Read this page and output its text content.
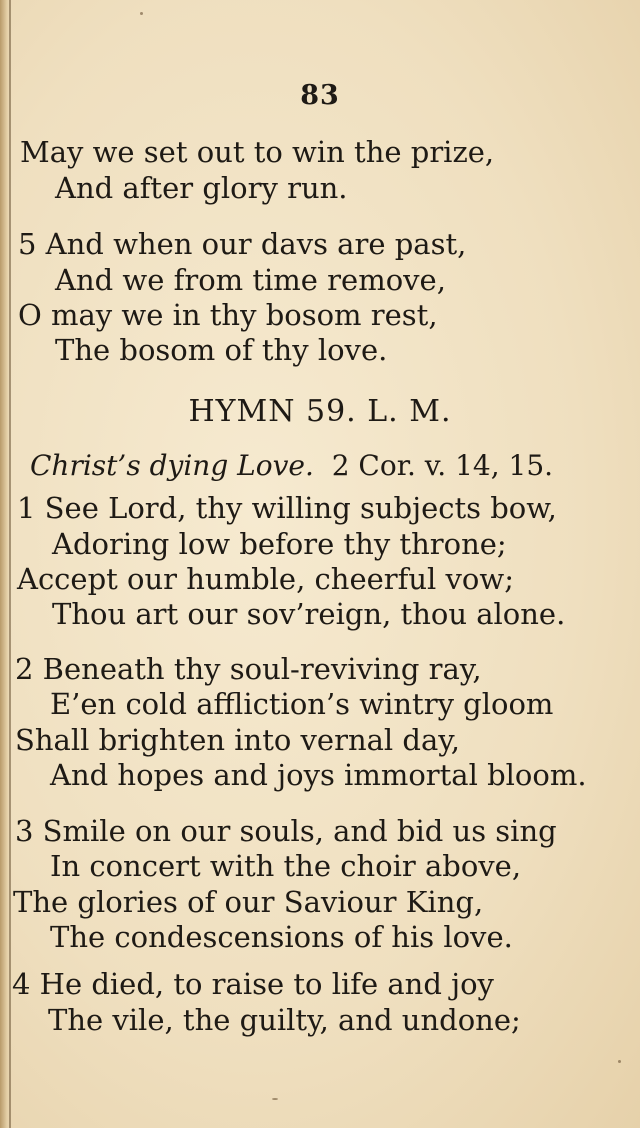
83
May we set out to win the prize,
And after glory run.
5 And when our davs are past,
And we from time remove,
O may we in thy bosom rest,
The bosom of thy love.
HYMN 59. L. M.
Christ’s dying Love. 2 Cor. v. 14, 15.
1 See Lord, thy willing subjects bow,
Adoring low before thy throne;
Accept our humble, cheerful vow;
Thou art our sov’reign, thou alone.
2 Beneath thy soul-reviving ray,
E’en cold affliction’s wintry gloom
Shall brighten into vernal day,
And hopes and joys immortal bloom.
3 Smile on our souls, and bid us sing
In concert with the choir above,
The glories of our Saviour King,
The condescensions of his love.
4 He died, to raise to life and joy
The vile, the guilty, and undone;
